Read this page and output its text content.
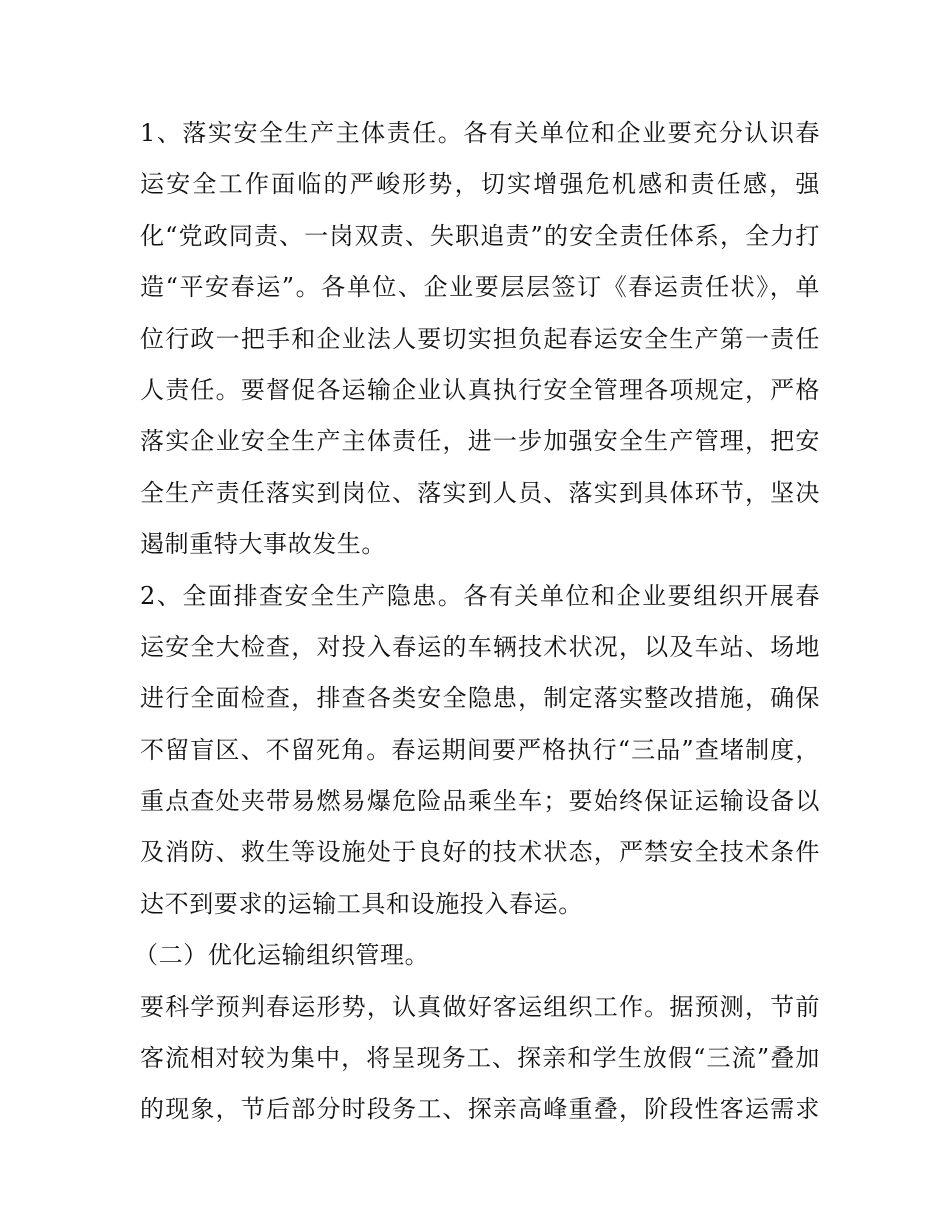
1、落实安全生产主体责任。各有关单位和企业要充分认识春
运安全工作面临的严峻形势，切实增强危机感和责任感，强
化“党政同责、一岗双责、失职追责”的安全责任体系，全力打
造“平安春运”。各单位、企业要层层签订《春运责任状》，单
位行政一把手和企业法人要切实担负起春运安全生产第一责任
人责任。要督促各运输企业认真执行安全管理各项规定，严格
落实企业安全生产主体责任，进一步加强安全生产管理，把安
全生产责任落实到岗位、落实到人员、落实到具体环节，坚决
遏制重特大事故发生。
2、全面排查安全生产隐患。各有关单位和企业要组织开展春
运安全大检查，对投入春运的车辆技术状况，以及车站、场地
进行全面检查，排查各类安全隐患，制定落实整改措施，确保
不留盲区、不留死角。春运期间要严格执行“三品”查堵制度，
重点查处夹带易燃易爆危险品乘坐车；要始终保证运输设备以
及消防、救生等设施处于良好的技术状态，严禁安全技术条件
达不到要求的运输工具和设施投入春运。
（二）优化运输组织管理。
要科学预判春运形势，认真做好客运组织工作。据预测，节前
客流相对较为集中，将呈现务工、探亲和学生放假“三流”叠加
的现象，节后部分时段务工、探亲高峰重叠，阶段性客运需求
